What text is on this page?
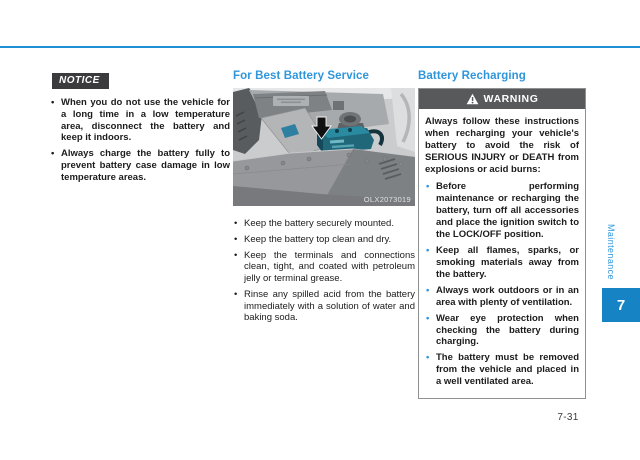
NOTICE
• When you do not use the vehicle for a long time in a low temperature area, disconnect the battery and keep it indoors.
• Always charge the battery fully to prevent battery case damage in low temperature areas.
For Best Battery Service
OLX2073019
• Keep the battery securely mounted.
• Keep the battery top clean and dry.
• Keep the terminals and connections clean, tight, and coated with petroleum jelly or terminal grease.
• Rinse any spilled acid from the battery immediately with a solution of water and baking soda.
Battery Recharging
WARNING

Always follow these instructions when recharging your vehicle's battery to avoid the risk of SERIOUS INJURY or DEATH from explosions or acid burns:

• Before performing maintenance or recharging the battery, turn off all accessories and place the ignition switch to the LOCK/OFF position.
• Keep all flames, sparks, or smoking materials away from the battery.
• Always work outdoors or in an area with plenty of ventilation.
• Wear eye protection when checking the battery during charging.
• The battery must be removed from the vehicle and placed in a well ventilated area.
Maintenance
7
7-31
